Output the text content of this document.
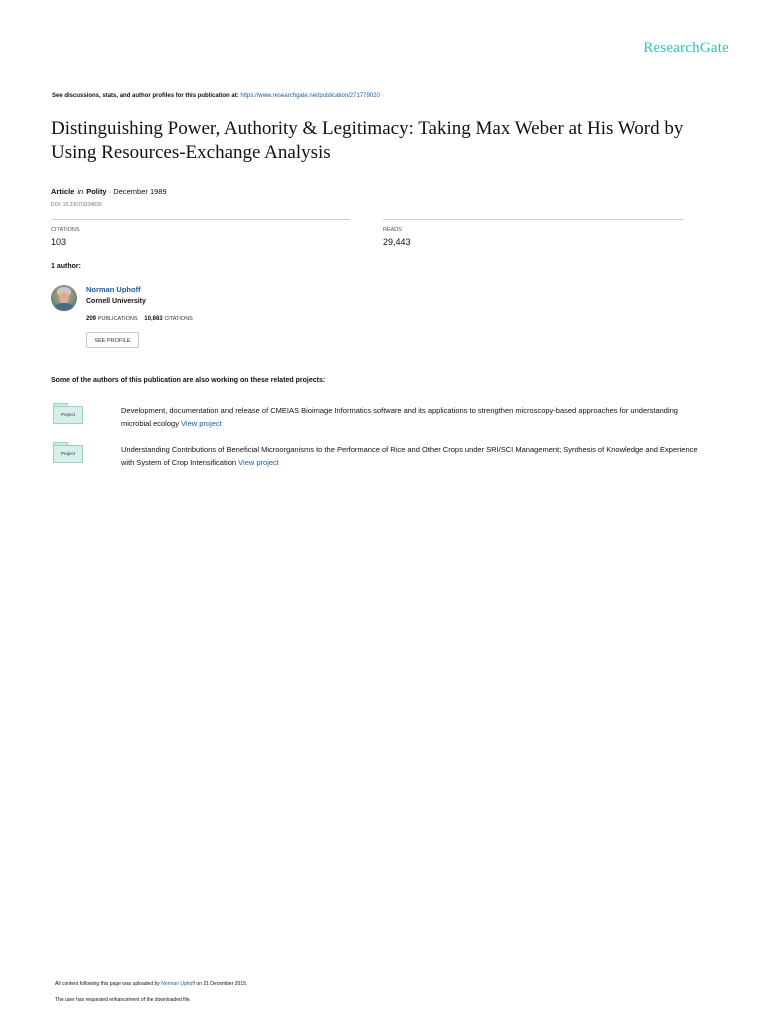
ResearchGate
See discussions, stats, and author profiles for this publication at: https://www.researchgate.net/publication/271779020
Distinguishing Power, Authority & Legitimacy: Taking Max Weber at His Word by Using Resources-Exchange Analysis
Article in Polity · December 1989
DOI: 10.2307/3234836
CITATIONS
103
READS
29,443
1 author:
Norman Uphoff
Cornell University
209 PUBLICATIONS 10,663 CITATIONS
SEE PROFILE
Some of the authors of this publication are also working on these related projects:
Project	Development, documentation and release of CMEIAS Bioimage Informatics software and its applications to strengthen microscopy-based approaches for understanding microbial ecology View project
Project	Understanding Contributions of Beneficial Microorganisms to the Performance of Rice and Other Crops under SRI/SCI Management; Synthesis of Knowledge and Experience with System of Crop Intensification View project
All content following this page was uploaded by Norman Uphoff on 21 December 2015.
The user has requested enhancement of the downloaded file.
